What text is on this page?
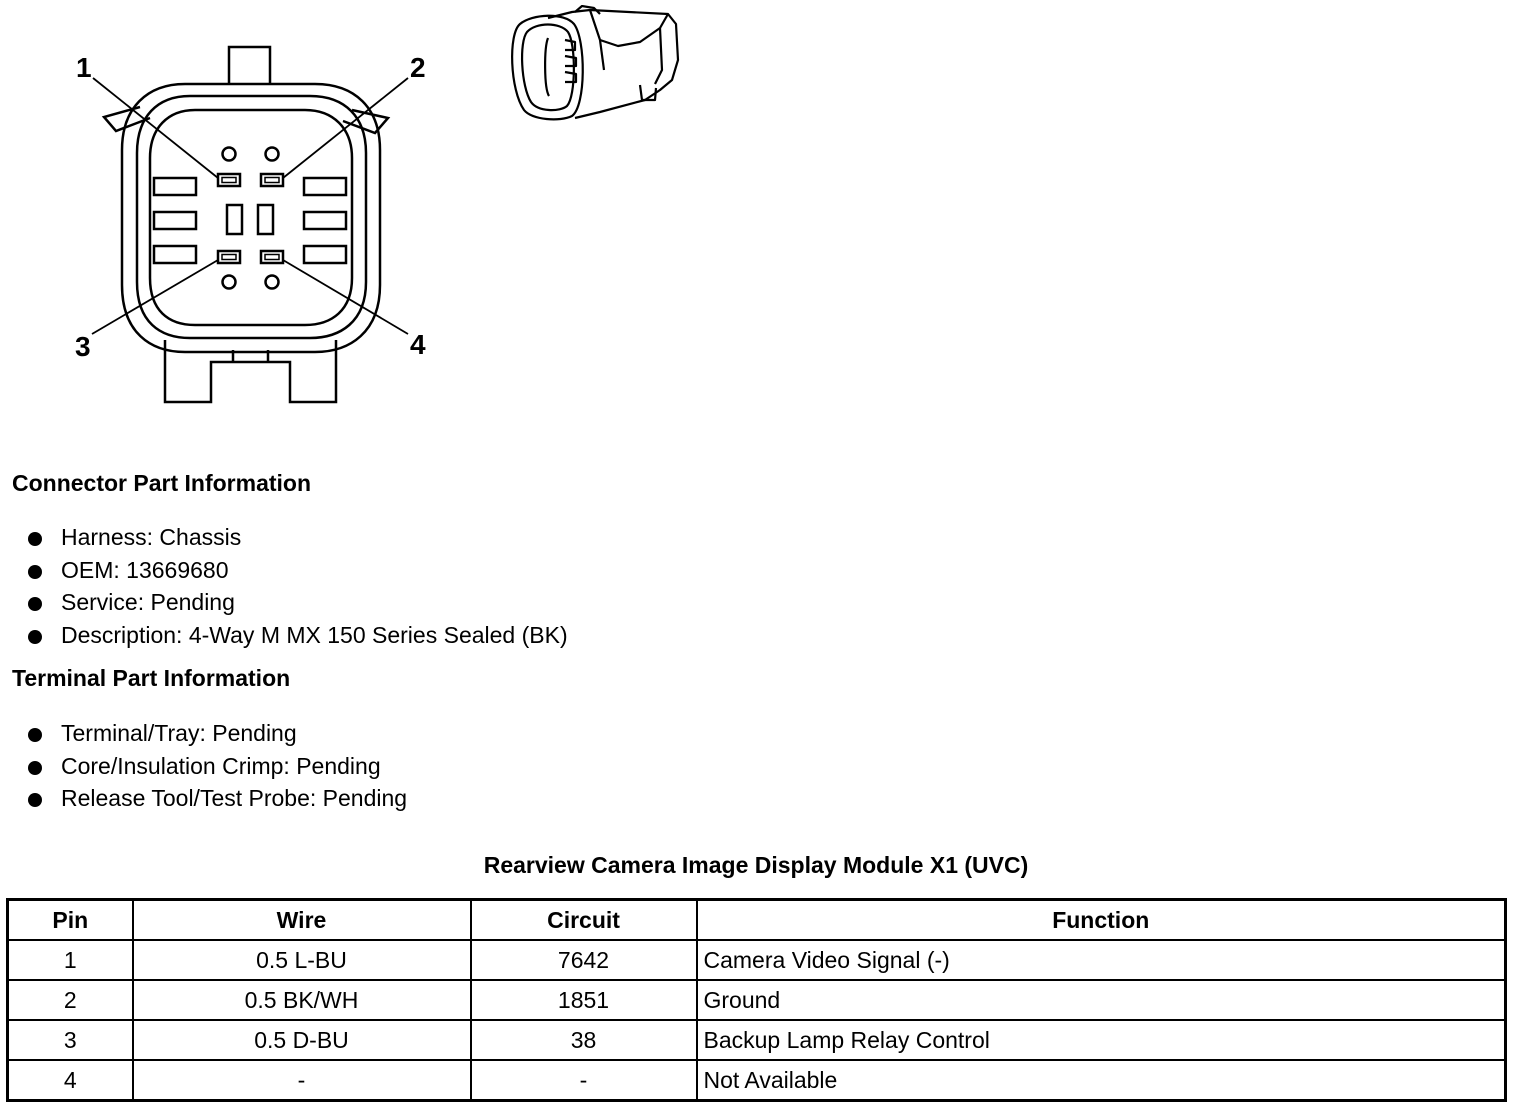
1	2
3	4
Connector Part Information
Harness: Chassis
OEM: 13669680
Service: Pending
Description: 4-Way M MX 150 Series Sealed (BK)
Terminal Part Information
Terminal/Tray: Pending
Core/Insulation Crimp: Pending
Release Tool/Test Probe: Pending
Rearview Camera Image Display Module X1 (UVC)
Pin	Wire	Circuit	Function
1	0.5 L-BU	7642	Camera Video Signal (-)
2	0.5 BK/WH	1851	Ground
3	0.5 D-BU	38	Backup Lamp Relay Control
4	-	-	Not Available
